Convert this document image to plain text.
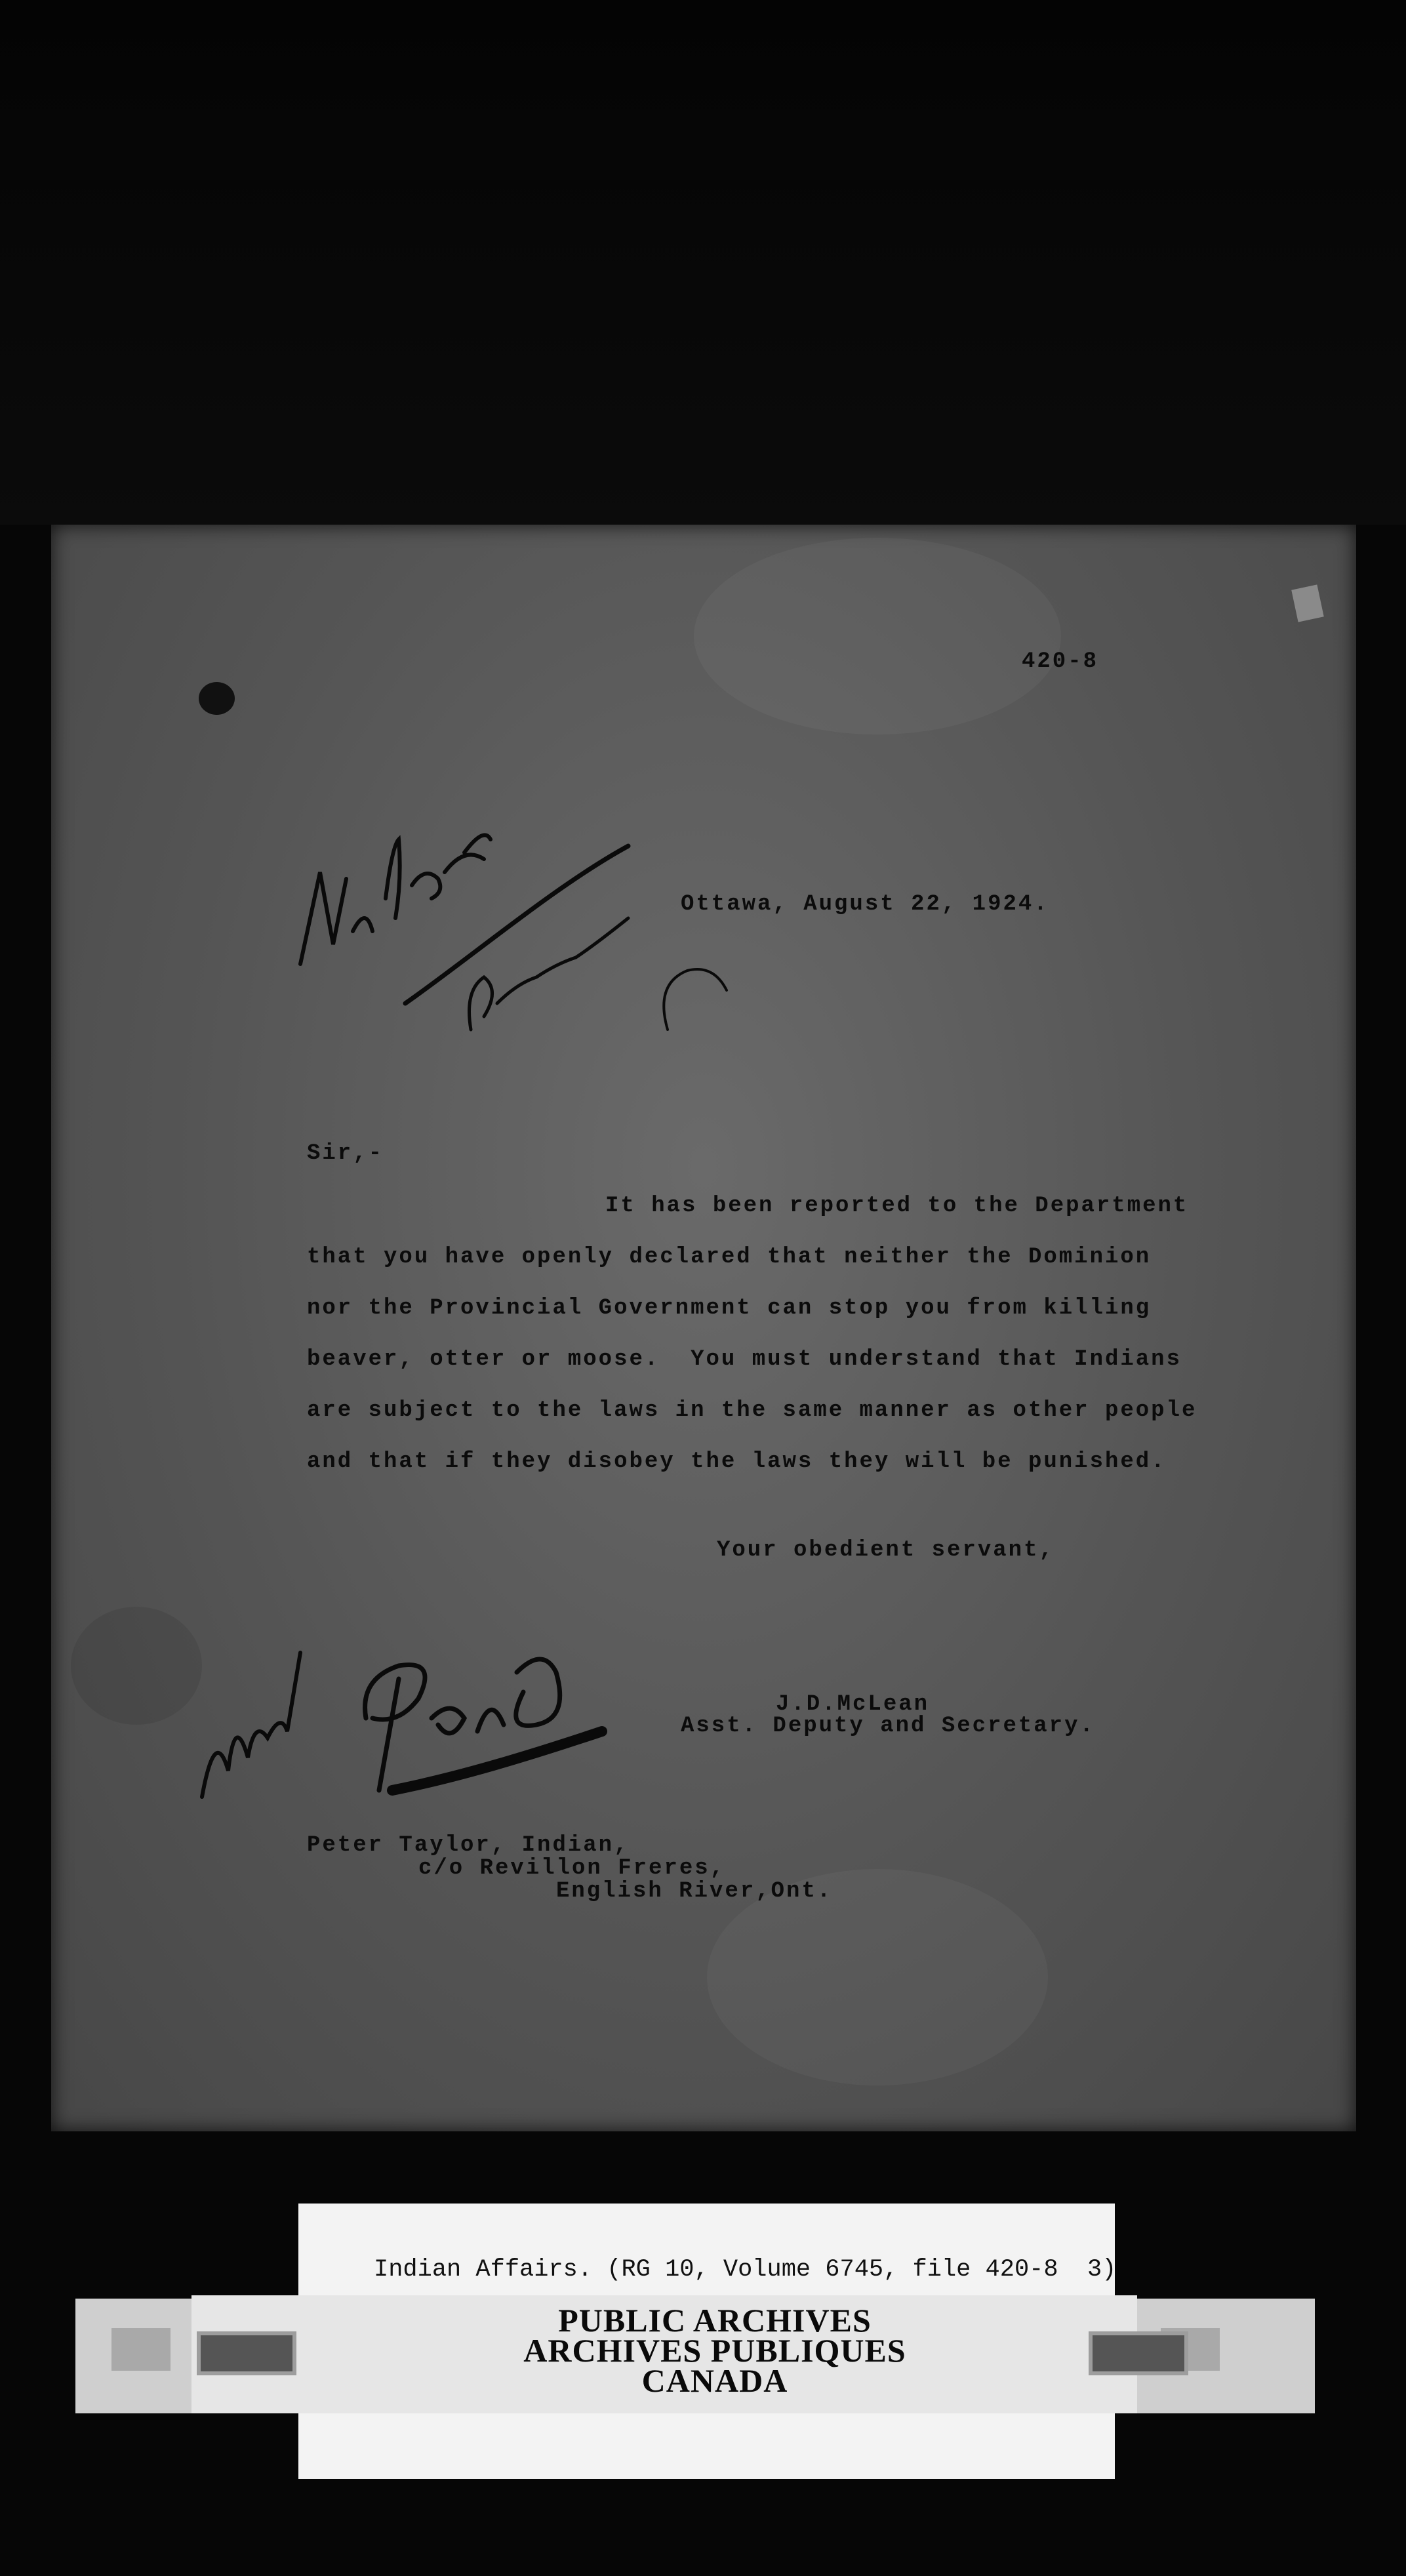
420-8
Ottawa, August 22, 1924.
Sir,-
It has been reported to the Department
that you have openly declared that neither the Dominion
nor the Provincial Government can stop you from killing
beaver, otter or moose.  You must understand that Indians
are subject to the laws in the same manner as other people
and that if they disobey the laws they will be punished.
Your obedient servant,
J.D.McLean
Asst. Deputy and Secretary.
Peter Taylor, Indian,
c/o Revillon Freres,
English River,Ont.
Indian Affairs. (RG 10, Volume 6745, file 420-8  3)
PUBLIC ARCHIVES
ARCHIVES PUBLIQUES
CANADA
